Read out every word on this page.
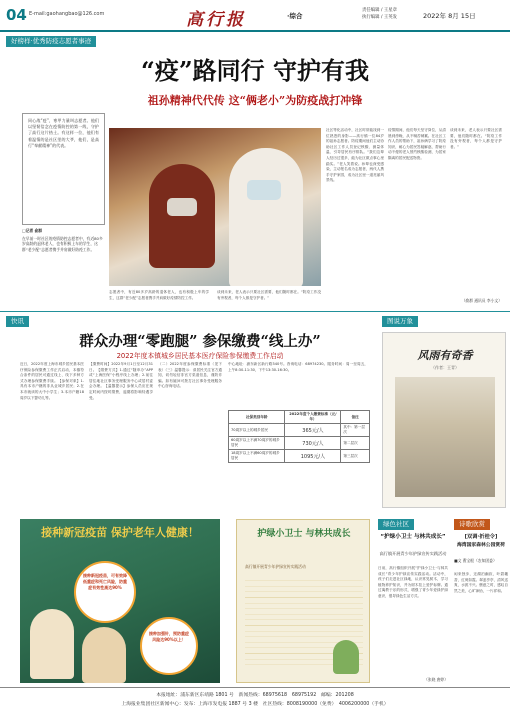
04 E-mail:gaohangbao@126.com	高行报	·综合
责任编辑 / 王星章
执行编辑 / 王英发	2022年 8月 15日
好榜样·优秀防疫志愿者事迹
“疫”路同行 守护有我
祖孙精神代代传 这“俩老小”为防疫战打冲锋

同心战“疫”，寒甲力量叫志愿者。他们以坚韧信念在疫情防控的第一线，守护了高行这片热土。有这样一位，他们有着温情的是社区里的大爷，他们，是高行“奉献精神”的代表。

□记者 俞群
在早前一时社区的疫情防控志愿者中，有近80多岁高龄的退休老人，也有积极上车的学生，这群“老少配”志愿者携手并肩做好防疫工作。
志愿者中，有近80多岁高龄的退休老人，也有积极上车的学生，这群“老少配”志愿者携手并肩做好疫情防控工作。
谈到未来，老人表示只要社区需要，他们随时都在。“防疫工作没有旁观者，每个人都是守护者。”
社区等化活动中，社区时常能找到一位熟悉的身影——高行镇一位84岁的祖孙志愿者。防疫期间他们主动协助社区工作人员登记核酸、测量体温、引导居民有序排队。“我们这辈人经历过很多，能为社区做点事心里踏实。”老人笑着说。孙辈也深受感染，主动报名成为志愿者，两代人携手守护家园，成为社区里一道亮丽风景线。
疫情期间，他们每天坚守岗位，从清晨到傍晚，从不喊苦喊累。在社区工作人员的帮助下，祖孙俩学习了防疫知识，耐心为居民答疑解惑，帮助行动不便的老人预约核酸检测，为居家隔离的居民配送物资。
谈到未来，老人表示只要社区需要，他们随时都在。“防疫工作没有旁观者，每个人都是守护者。”
（俞群 通讯员 李小文）
快讯
群众办理“零跑腿” 参保缴费“线上办”
2022年度本镇城乡居民基本医疗保险参保缴费工作启动
近日，2022年度上海市城乡居民基本医疗保险参保缴费工作正式启动，本镇符合条件的居民可通过线上、线下多种方式办理参保缴费手续。【参保对象】1.具有本市户籍的非从业城乡居民；2.在本市就读的大中小学生；3.本市户籍18周岁以下婴幼儿等。
【缴费时间】2022年9月1日至12月31日。【缴费方式】1.通过“随申办”APP或“上海医保”小程序线上办理；2.前往居住地社区事务受理服务中心或居村委会办理。【温馨提示】参保人员应在规定时间内按时缴费，逾期将影响待遇享受。
（二）2022年度参保缴费标准（见下表）（三）温馨提示：请居民关注官方通知，切勿轻信非官方渠道信息，谨防诈骗。如有疑问可拨打社区事务受理服务中心咨询电话。
中心地址：浦东新区新行路340号。咨询电话：68974230。服务时间：周一至周五，上午8:30-11:30，下午13:30-16:30。
社保类别年龄	2022年度个人缴费标准（元/年）	备注
70周岁以上的城乡居民	365元/人	其中：第一层次
60周岁以上不满70周岁的城乡居民	730元/人	第二层次
18周岁以上不满60周岁的城乡居民	1095元/人	第三层次
接种新冠疫苗 保护老年人健康！
接种新冠疫苗，可有效降低重症和死亡风险，防重症有效性高达90%
接种加强针，预防重症风险达90%以上！
护绿小卫士 与林共成长
高行镇开展青少年护绿宣传实践活动
绿色社区
“护绿小卫士 与林共成长”
高行镇开展青少年护绿宣传实践活动
日前，高行镇组织开展“护绿小卫士·与林共成长”青少年护绿宣传实践活动。活动中，孩子们走进社区绿地，认识常见树木，学习植物养护知识，并为树木挂上爱护标牌。通过寓教于乐的形式，增强了青少年爱绿护绿意识，倡导绿色生活方式。
（张晓 唐婷）
图说万象
风雨有奇香
（作者：王青）
诗歌欣赏
[双调·折桂令]
海湾国家森林公园赏荷
■文 曹宝根（农知团委）
闲来独步，还湖泊幽寂，叶碧藕香，红荷如霞。翠盖亭亭，清风送爽，水波不兴。惬意之时，感叹自然之美，心旷神怡，一片祥和。
本报地址：浦东新区东靖路 1801 号　新闻热线：68975618　68975192　邮编：201208
上海报业集团社区新闻中心：发布：上海市发电报 1887 号 3 楼　社区热线：8008190000（免费）　4006200000（手机）
